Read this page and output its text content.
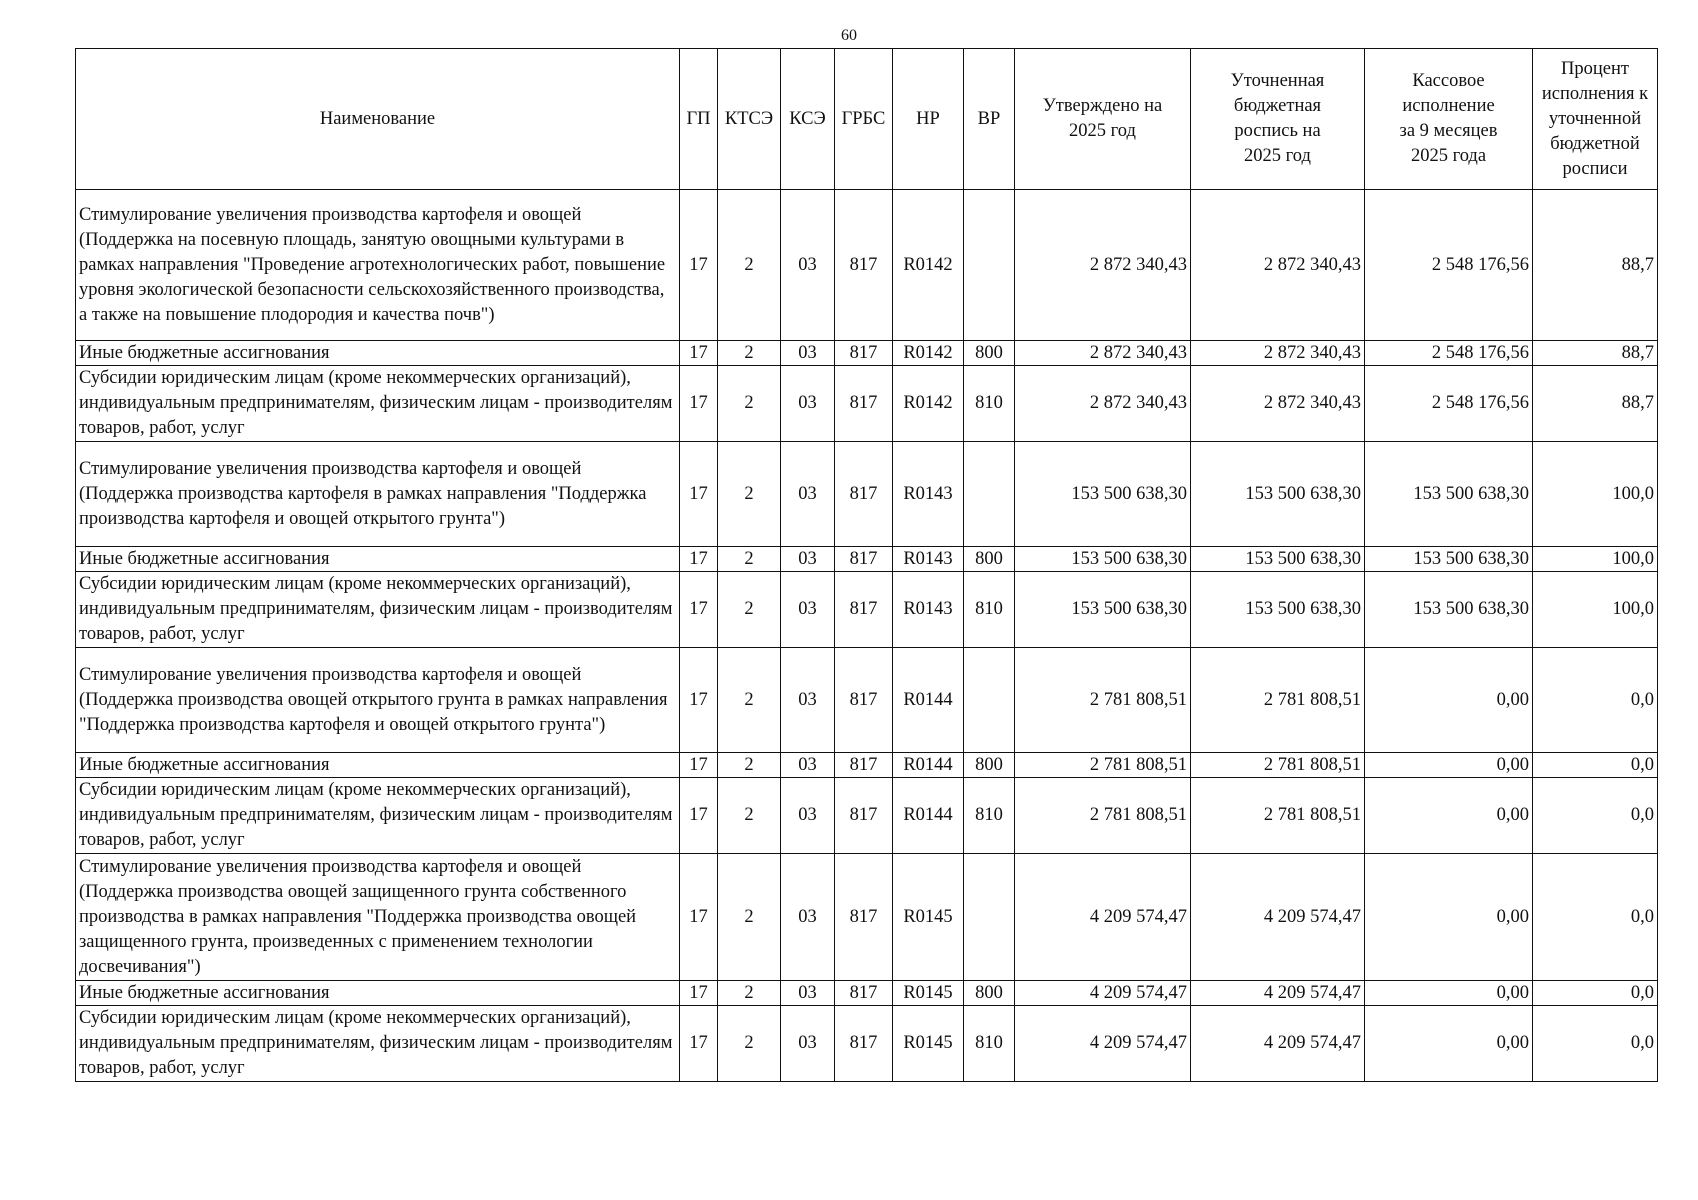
60
Наименование	ГП	КТСЭ	КСЭ	ГРБС	НР	ВР	Утверждено на 2025 год	Уточненная бюджетная роспись на 2025 год	Кассовое исполнение за 9 месяцев 2025 года	Процент исполнения к уточненной бюджетной росписи
Стимулирование увеличения производства картофеля и овощей (Поддержка на посевную площадь, занятую овощными культурами в рамках направления "Проведение агротехнологических работ, повышение уровня экологической безопасности сельскохозяйственного производства, а также на повышение плодородия и качества почв")	17	2	03	817	R0142		2 872 340,43	2 872 340,43	2 548 176,56	88,7
Иные бюджетные ассигнования	17	2	03	817	R0142	800	2 872 340,43	2 872 340,43	2 548 176,56	88,7
Субсидии юридическим лицам (кроме некоммерческих организаций), индивидуальным предпринимателям, физическим лицам - производителям товаров, работ, услуг	17	2	03	817	R0142	810	2 872 340,43	2 872 340,43	2 548 176,56	88,7
Стимулирование увеличения производства картофеля и овощей (Поддержка производства картофеля в рамках направления "Поддержка производства картофеля и овощей открытого грунта")	17	2	03	817	R0143		153 500 638,30	153 500 638,30	153 500 638,30	100,0
Иные бюджетные ассигнования	17	2	03	817	R0143	800	153 500 638,30	153 500 638,30	153 500 638,30	100,0
Субсидии юридическим лицам (кроме некоммерческих организаций), индивидуальным предпринимателям, физическим лицам - производителям товаров, работ, услуг	17	2	03	817	R0143	810	153 500 638,30	153 500 638,30	153 500 638,30	100,0
Стимулирование увеличения производства картофеля и овощей (Поддержка производства овощей открытого грунта в рамках направления "Поддержка производства картофеля и овощей открытого грунта")	17	2	03	817	R0144		2 781 808,51	2 781 808,51	0,00	0,0
Иные бюджетные ассигнования	17	2	03	817	R0144	800	2 781 808,51	2 781 808,51	0,00	0,0
Субсидии юридическим лицам (кроме некоммерческих организаций), индивидуальным предпринимателям, физическим лицам - производителям товаров, работ, услуг	17	2	03	817	R0144	810	2 781 808,51	2 781 808,51	0,00	0,0
Стимулирование увеличения производства картофеля и овощей (Поддержка производства овощей защищенного грунта собственного производства в рамках направления "Поддержка производства овощей защищенного грунта, произведенных с применением технологии досвечивания")	17	2	03	817	R0145		4 209 574,47	4 209 574,47	0,00	0,0
Иные бюджетные ассигнования	17	2	03	817	R0145	800	4 209 574,47	4 209 574,47	0,00	0,0
Субсидии юридическим лицам (кроме некоммерческих организаций), индивидуальным предпринимателям, физическим лицам - производителям товаров, работ, услуг	17	2	03	817	R0145	810	4 209 574,47	4 209 574,47	0,00	0,0
